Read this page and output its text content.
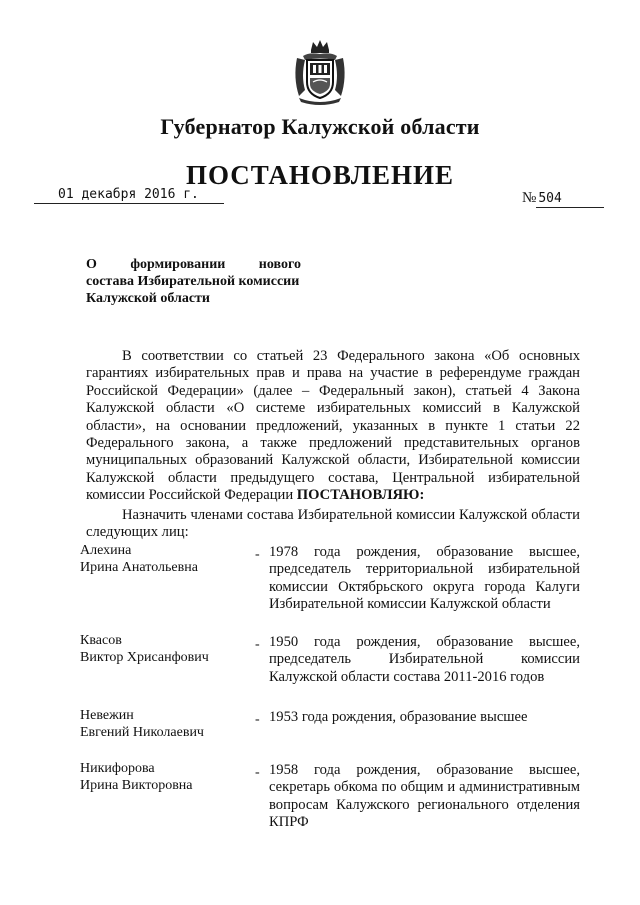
Губернатор Калужской области
ПОСТАНОВЛЕНИЕ
01 декабря 2016 г.	№ 504
О формировании нового
состава Избирательной комиссии
Калужской области

В соответствии со статьей 23 Федерального закона «Об основных гарантиях избирательных прав и права на участие в референдуме граждан Российской Федерации» (далее – Федеральный закон), статьей 4 Закона Калужской области «О системе избирательных комиссий в Калужской области», на основании предложений, указанных в пункте 1 статьи 22 Федерального закона, а также предложений представительных органов муниципальных образований Калужской области, Избирательной комиссии Калужской области предыдущего состава, Центральной избирательной комиссии Российской Федерации ПОСТАНОВЛЯЮ:

Назначить членами состава Избирательной комиссии Калужской области следующих лиц:

Алехина
Ирина Анатольевна
- 1978 года рождения, образование высшее, председатель территориальной избирательной комиссии Октябрьского округа города Калуги Избирательной комиссии Калужской области

Квасов
Виктор Хрисанфович
- 1950 года рождения, образование высшее, председатель Избирательной комиссии Калужской области состава 2011-2016 годов

Невежин
Евгений Николаевич
- 1953 года рождения, образование высшее

Никифорова
Ирина Викторовна
- 1958 года рождения, образование высшее, секретарь обкома по общим и административным вопросам Калужского регионального отделения КПРФ
